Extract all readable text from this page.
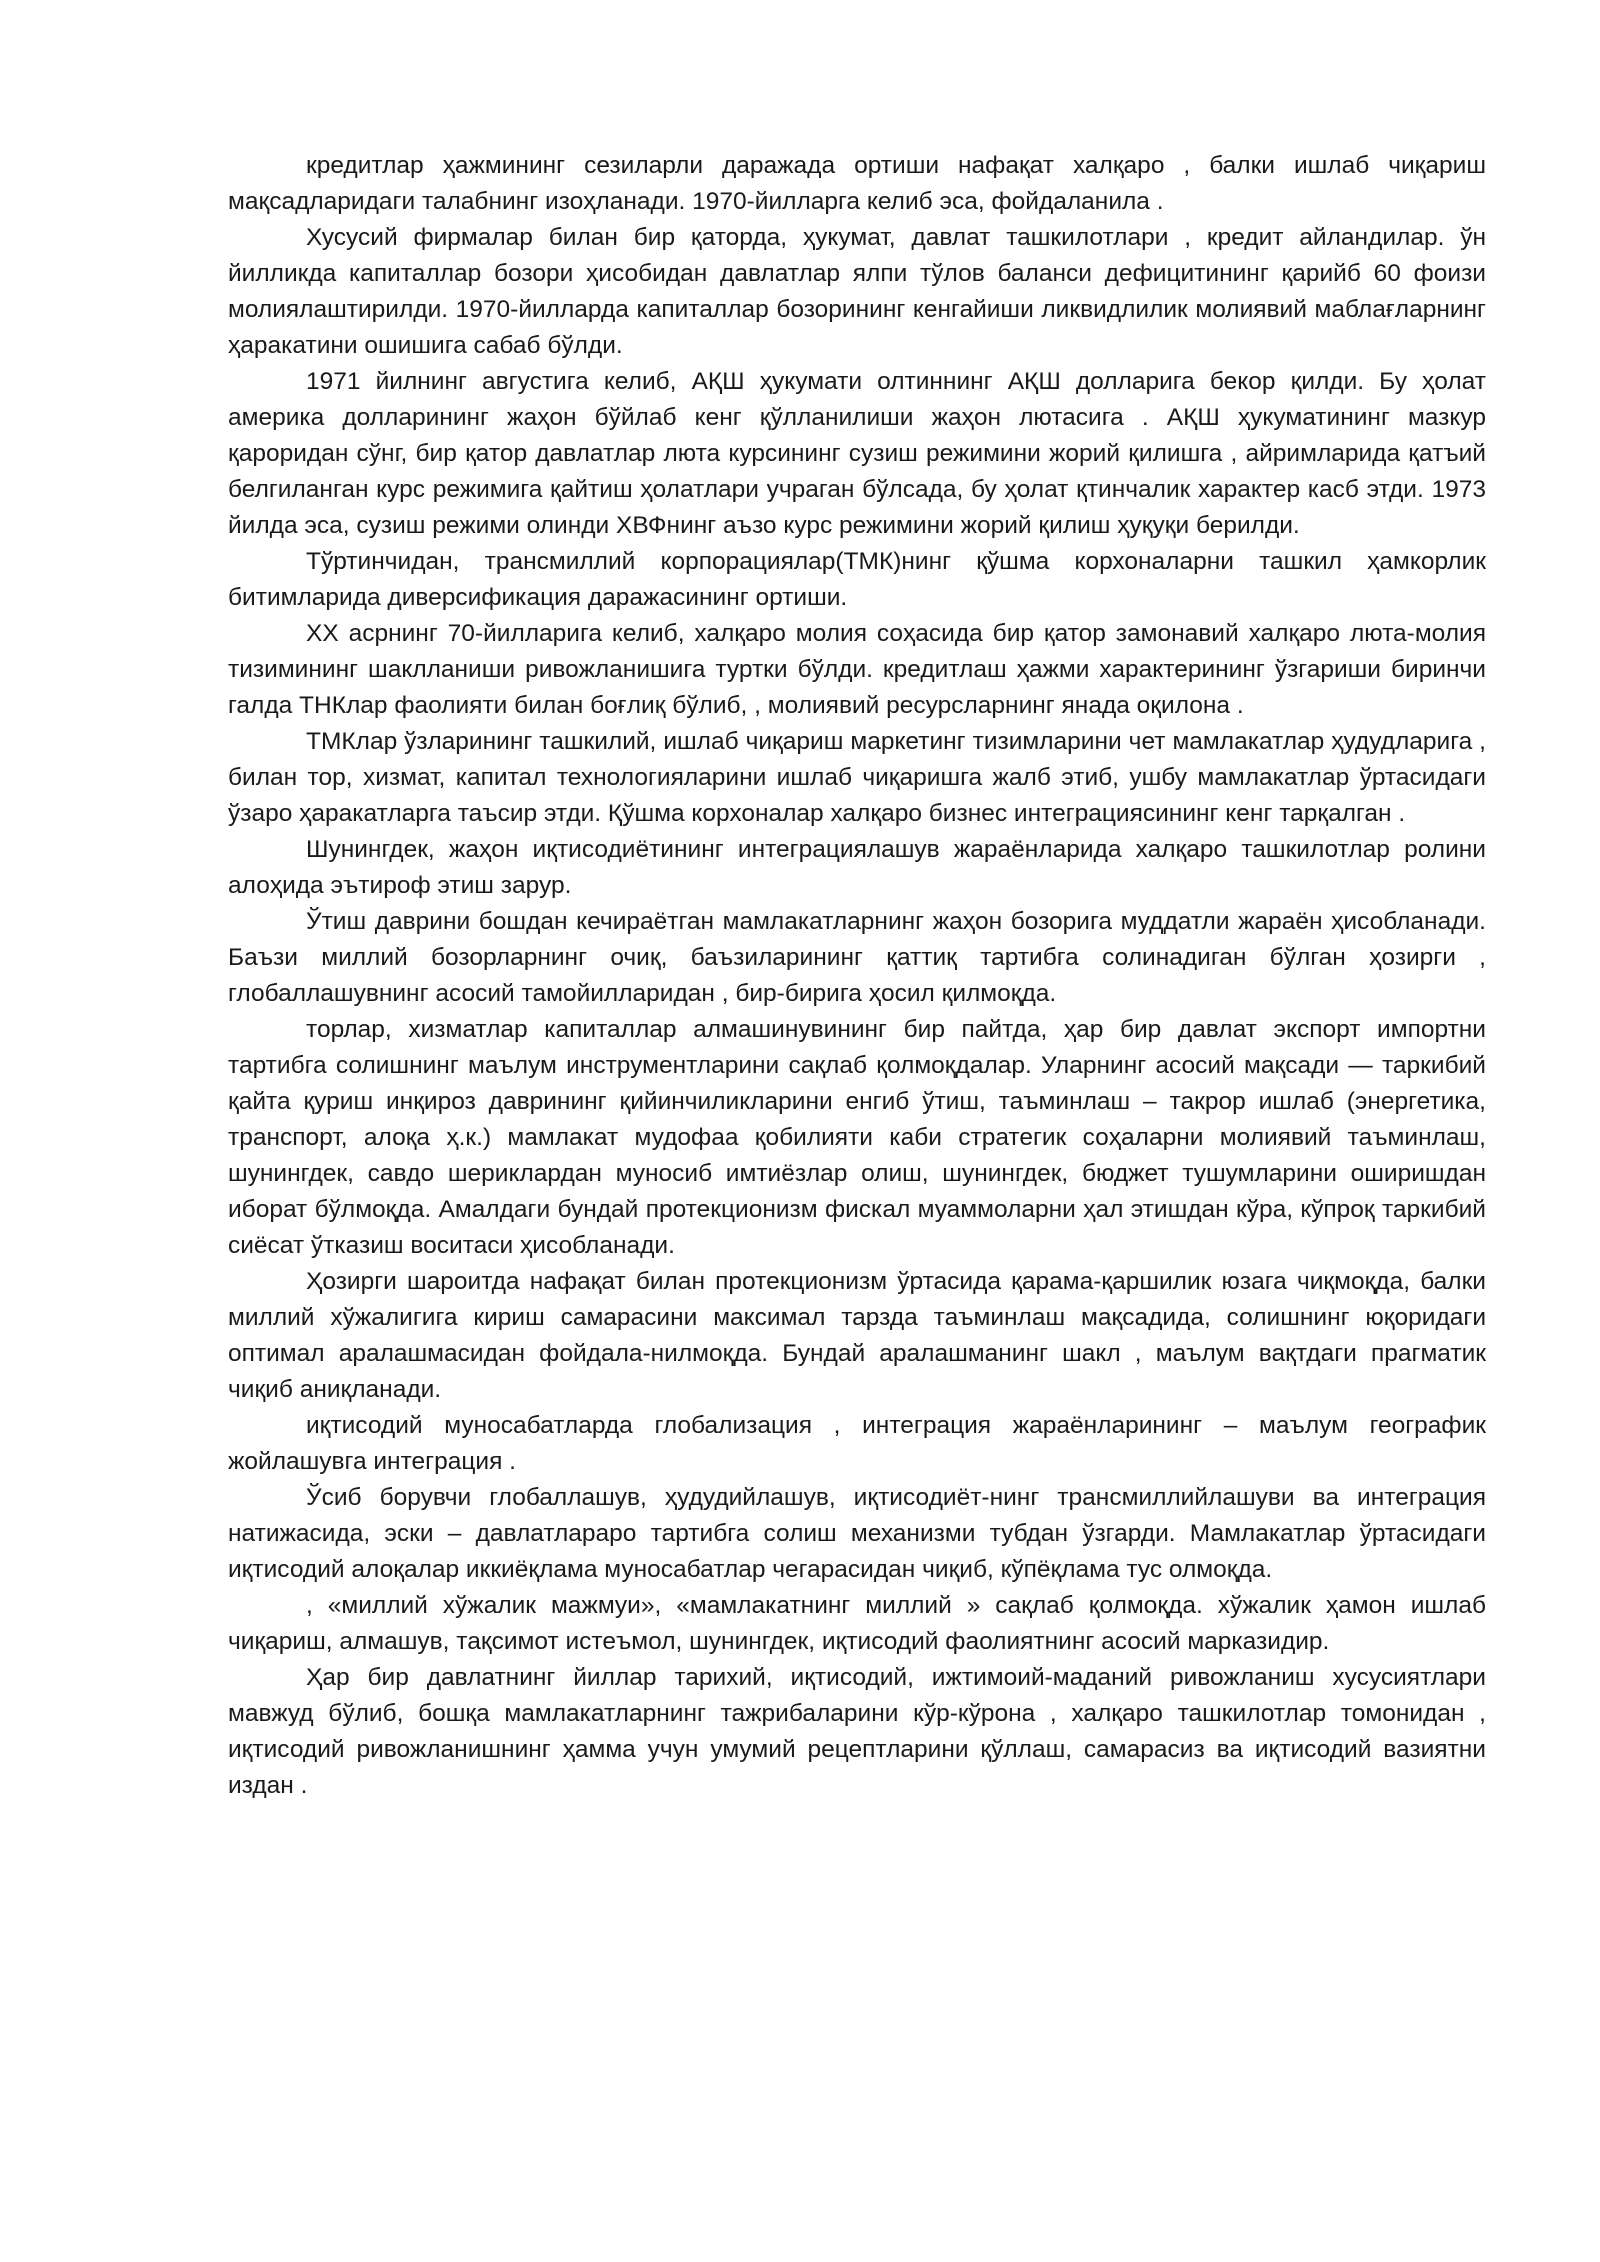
кредитлар ҳажмининг сезиларли даражада ортиши нафақат халқаро , балки ишлаб чиқариш мақсадларидаги талабнинг изоҳланади. 1970-йилларга келиб эса, фойдаланила .

Хусусий фирмалар билан бир қаторда, ҳукумат, давлат ташкилотлари , кредит айландилар. ўн йилликда капиталлар бозори ҳисобидан давлатлар ялпи тўлов баланси дефицитининг қарийб 60 фоизи молиялаштирилди. 1970-йилларда капиталлар бозорининг кенгайиши ликвидлилик молиявий маблағларнинг ҳаракатини ошишига сабаб бўлди.

1971 йилнинг августига келиб, АҚШ ҳукумати олтиннинг АҚШ долларига бекор қилди. Бу ҳолат америка долларининг жаҳон бўйлаб кенг қўлланилиши жаҳон лютасига . АҚШ ҳукуматининг мазкур қароридан сўнг, бир қатор давлатлар люта курсининг сузиш режимини жорий қилишга , айримларида қатъий белгиланган курс режимига қайтиш ҳолатлари учраган бўлсада, бу ҳолат қтинчалик характер касб этди. 1973 йилда эса, сузиш режими олинди ХВФнинг аъзо курс режимини жорий қилиш ҳуқуқи берилди.

Тўртинчидан, трансмиллий корпорациялар(ТМК)нинг қўшма корхоналарни ташкил ҳамкорлик битимларида диверсификация даражасининг ортиши.

XX асрнинг 70-йилларига келиб, халқаро молия соҳасида бир қатор замонавий халқаро люта-молия тизимининг шаклланиши ривожланишига туртки бўлди. кредитлаш ҳажми характерининг ўзгариши биринчи галда ТНКлар фаолияти билан боғлиқ бўлиб, , молиявий ресурсларнинг янада оқилона .

ТМКлар ўзларининг ташкилий, ишлаб чиқариш маркетинг тизимларини чет мамлакатлар ҳудудларига , билан тор, хизмат, капитал технологияларини ишлаб чиқаришга жалб этиб, ушбу мамлакатлар ўртасидаги ўзаро ҳаракатларга таъсир этди. Қўшма корхоналар халқаро бизнес интеграциясининг кенг тарқалган .

Шунингдек, жаҳон иқтисодиётининг интеграциялашув жараёнларида халқаро ташкилотлар ролини алоҳида эътироф этиш зарур.

Ўтиш даврини бошдан кечираётган мамлакатларнинг жаҳон бозорига муддатли жараён ҳисобланади. Баъзи миллий бозорларнинг очиқ, баъзиларининг қаттиқ тартибга солинадиган бўлган ҳозирги , глобаллашувнинг асосий тамойилларидан , бир-бирига ҳосил қилмоқда.

торлар, хизматлар капиталлар алмашинувининг бир пайтда, ҳар бир давлат экспорт импортни тартибга солишнинг маълум инструментларини сақлаб қолмоқдалар. Уларнинг асосий мақсади — таркибий қайта қуриш инқироз даврининг қийинчиликларини енгиб ўтиш, таъминлаш – такрор ишлаб (энергетика, транспорт, алоқа ҳ.к.) мамлакат мудофаа қобилияти каби стратегик соҳаларни молиявий таъминлаш, шунингдек, савдо шериклардан муносиб имтиёзлар олиш, шунингдек, бюджет тушумларини оширишдан иборат бўлмоқда. Амалдаги бундай протекционизм фискал муаммоларни ҳал этишдан кўра, кўпроқ таркибий сиёсат ўтказиш воситаси ҳисобланади.

Ҳозирги шароитда нафақат билан протекционизм ўртасида қарама-қаршилик юзага чиқмоқда, балки миллий хўжалигига кириш самарасини максимал тарзда таъминлаш мақсадида, солишнинг юқоридаги оптимал аралашмасидан фойдала-нилмоқда. Бундай аралашманинг шакл , маълум вақтдаги прагматик чиқиб аниқланади.

иқтисодий муносабатларда глобализация , интеграция жараёнларининг – маълум географик жойлашувга интеграция .

Ўсиб борувчи глобаллашув, ҳудудийлашув, иқтисодиёт-нинг трансмиллийлашуви ва интеграция натижасида, эски – давлатлараро тартибга солиш механизми тубдан ўзгарди. Мамлакатлар ўртасидаги иқтисодий алоқалар иккиёқлама муносабатлар чегарасидан чиқиб, кўпёқлама тус олмоқда.

, «миллий хўжалик мажмуи», «мамлакатнинг миллий » сақлаб қолмоқда. хўжалик ҳамон ишлаб чиқариш, алмашув, тақсимот истеъмол, шунингдек, иқтисодий фаолиятнинг асосий марказидир.

Ҳар бир давлатнинг йиллар тарихий, иқтисодий, ижтимоий-маданий ривожланиш хусусиятлари мавжуд бўлиб, бошқа мамлакатларнинг тажрибаларини кўр-кўрона , халқаро ташкилотлар томонидан , иқтисодий ривожланишнинг ҳамма учун умумий рецептларини қўллаш, самарасиз ва иқтисодий вазиятни издан .
